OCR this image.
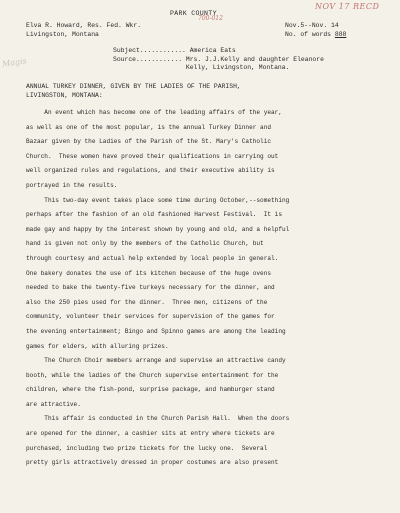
NOV 17 RECD
700-012
Magis
PARK COUNTY
Elva R. Howard, Res. Fed. Wkr.
Livingston, Montana
Nov.5--Nov. 14
No. of words 888
Subject............ America Eats
Source............ Mrs. J.J.Kelly and daughter Eleanore
Kelly, Livingston, Montana.
ANNUAL TURKEY DINNER, GIVEN BY THE LADIES OF THE PARISH,
LIVINGSTON, MONTANA:

An event which has become one of the leading affairs of the year,

as well as one of the most popular, is the annual Turkey Dinner and

Bazaar given by the Ladies of the Parish of the St. Mary's Catholic

Church.  These women have proved their qualifications in carrying out

well organized rules and regulations, and their executive ability is

portrayed in the results.

This two-day event takes place some time during October,--something

perhaps after the fashion of an old fashioned Harvest Festival.  It is

made gay and happy by the interest shown by young and old, and a helpful

hand is given not only by the members of the Catholic Church, but

through courtesy and actual help extended by local people in general.

One bakery donates the use of its kitchen because of the huge ovens

needed to bake the twenty-five turkeys necessary for the dinner, and

also the 250 pies used for the dinner.  Three men, citizens of the

community, volunteer their services for supervision of the games for

the evening entertainment; Bingo and Spinno games are among the leading

games for elders, with alluring prizes.

The Church Choir members arrange and supervise an attractive candy

booth, while the ladies of the Church supervise entertainment for the

children, where the fish-pond, surprise package, and hamburger stand

are attractive.

This affair is conducted in the Church Parish Hall.  When the doors

are opened for the dinner, a cashier sits at entry where tickets are

purchased, including two prize tickets for the lucky one.  Several

pretty girls attractively dressed in proper costumes are also present
